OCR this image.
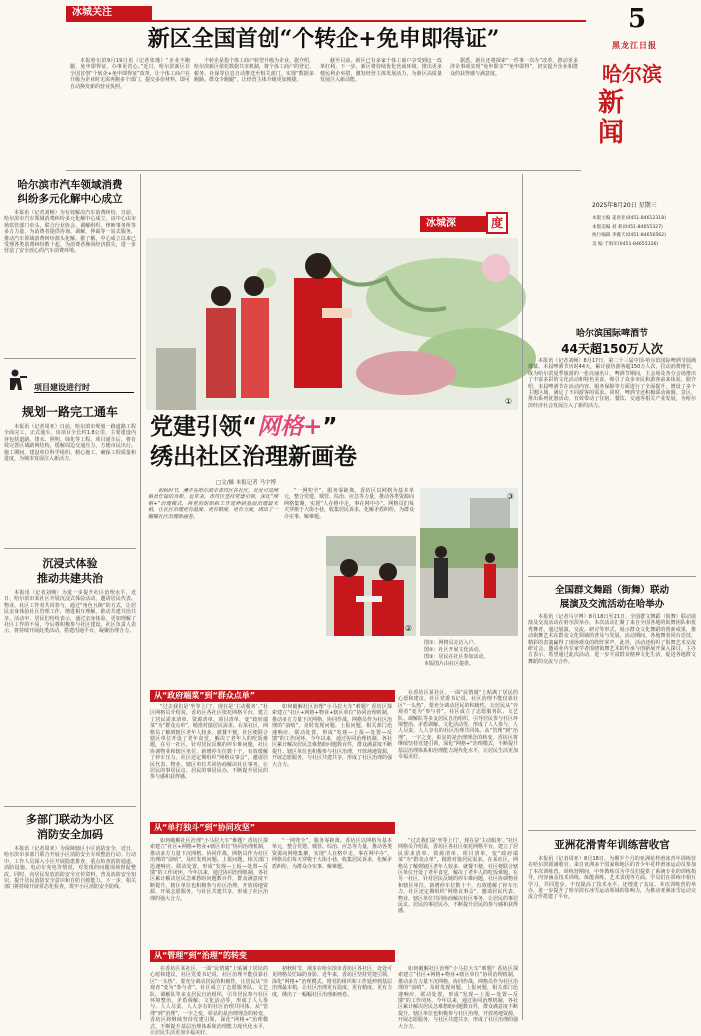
冰城关注
新区全国首创“个转企+免申即得证”

本报哈尔滨9月19日讯（记者张瑾）“企业不跑腿，免申即得证，办事更省心。”近日，哈尔滨新区在全国首创“个转企+免申即得证”改革，让个体工商户在升级为企业时无需再跑多个部门、提交多份材料，即可自动换发新的营业执照。

个转企是指个体工商户转型升级为企业。据介绍，哈尔滨新区依托数据共享机制，将个体工商户的登记、税务、社保等信息自动推送至相关部门，实现“数据多跑路、群众少跑腿”，让经营主体升级更加便捷。

截至目前，新区已有多家个体工商户享受到这一改革红利。下一步，新区将持续优化营商环境，推出更多便民利企举措，激发经营主体发展活力，为新区高质量发展注入新动能。

据悉，新区还将探索“一件事一次办”改革，推动更多涉企事项实现“免申即享”“免申即得”，切实提升企业和群众的获得感与满意度。

5
黑龙江日报
哈尔滨
新闻
2025年8月20日 星期三
本版主编 姜春亚(0451-84612318)
本版美编 刘 莉(0451-84655327)
执行编辑 李冀天(0451-84656562)
美 编 于海军(0451-84655326)
哈尔滨市汽车领域消费
纠纷多元化解中心成立

本报讯（记者刘畅）为有效解决汽车消费纠纷，日前，哈尔滨市汽车领域消费纠纷多元化解中心成立。该中心由市场监管部门牵头，联合行业协会、调解组织、律师事务所等多方力量，为消费者提供咨询、调解、仲裁等一站式服务，推动汽车领域消费纠纷源头化解。据了解，中心成立以来已受理各类消费纠纷数十起，为消费者挽回经济损失，进一步营造了安全放心的汽车消费环境。

项目建设进行时
规划一路完工通车

本报讯（记者周亚）日前，哈尔滨市规划一路道路工程全面完工，正式通车。该项目全长约1.8公里，主要建设内容包括道路、排水、照明、绿化等工程。项目通车后，将有效完善区域路网结构，缓解周边交通压力，方便市民出行。施工期间，建设单位科学组织、精心施工，确保工程质量和进度，为城市发展注入新活力。

沉浸式体验
推动共建共治

本报讯（记者刘畅）为进一步提升社区治理水平，近日，哈尔滨市某社区开展沉浸式体验活动，邀请居民代表、物业、社区工作者共同参与，通过“角色互换”的方式，让居民亲身体验社区管理工作，增进相互理解，推动共建共治共享。活动中，居民们纷纷表示，通过亲身体验，更加理解了社区工作的不易，今后将积极参与社区建设。社区负责人表示，将持续开展此类活动，搭建沟通平台，凝聚治理合力。

多部门联动为小区
消防安全加码

本报讯（记者周亚）为保障辖区小区消防安全，近日，哈尔滨市多部门联合开展小区消防安全专项整治行动。行动中，工作人员深入小区开展隐患排查，重点检查消防通道、消防设施、电动车充电等情况，对发现的问题现场督促整改。同时，向居民发放消防安全宣传资料，普及消防安全知识，提升居民消防安全意识和自防自救能力。下一步，相关部门将持续开展常态化检查，筑牢小区消防安全防线。

冰城深	度
①
党建引领“网格+”
绣出社区治理新画卷
□文/摄 本报记者 马宇博

初秋时节，漫步在哈尔滨市香坊区各社区，处处可见网格员忙碌的身影。近年来，香坊区坚持党建引领，深化“网格+”治理模式，将党的组织和工作延伸到基层治理最末梢，让社区治理更有温度、更有精度、更有力度，绣出了一幅幅社区治理新画卷。

“一网兜全”，服务零距离。香坊区以网格为基本单元，整合党建、城管、综治、应急等力量，推动各类资源向网格集聚，实现“人在格中走、事在网中办”。网格员们每天穿梭于大街小巷，收集居民诉求，化解矛盾纠纷，为群众办实事、解难题。

②
③
图①：网格员走访入户。
图②：社区开展文化活动。
图③：居民在社区参加活动。
本版图片由社区提供。
从“政府端菜”到“群众点单”

“过去我们是‘坐等上门’，现在是‘主动服务’。”社区网格员介绍说，香坊区各社区依托网格平台，建立了居民需求清单、资源清单、项目清单，变“政府端菜”为“群众点单”，精准对接居民需求。在某社区，网格员了解到辖区老年人较多、就餐不便，社区便联合辖区单位开设了老年食堂，解决了老年人的吃饭难题。在另一社区，针对居民反映的停车难问题，社区协调物业和辖区单位，新增停车位数十个，有效缓解了停车压力。社区还定期组织“网格议事会”，邀请居民代表、物业、辖区单位共同协商解决社区事务，让居民的事居民议、居民的事居民办，不断提升居民的参与感和获得感。

如何破解社区治理“小马拉大车”难题？香坊区探索建立“社区+网格+物业+辖区单位”协同治理机制，推动多方力量下沉网格、协同作战。网格员作为社区治理的“前哨”，及时发现问题、上报问题，相关部门迅速响应、联动处置，形成“发现—上报—处置—反馈”的工作闭环。今年以来，通过协同治理机制，各社区累计解决居民急难愁盼问题数百件，群众满意度不断提升。辖区单位也积极参与社区治理，开放场地资源，开展志愿服务，与社区共建共享，形成了社区治理的强大合力。

在香坊区某社区，一面“民情墙”上贴满了居民的心愿和建议。社区党委书记说，社区治理不能仅靠社区“一头热”，要充分调动居民的积极性，让居民从“旁观者”变为“参与者”。社区成立了志愿服务队、文艺队、调解队等多支居民自治组织，引导居民参与社区环境整治、矛盾调解、文化活动等，形成了人人参与、人人尽责、人人享有的社区治理共同体。从“管理”到“治理”，一字之变，彰显的是治理理念的转变。香坊区将继续坚持党建引领，深化“网格+”治理模式，不断提升基层治理体系和治理能力现代化水平，让居民生活更加幸福美好。

从“单打独斗”到“协同攻坚”

如何破解社区治理“小马拉大车”难题？香坊区探索建立“社区+网格+物业+辖区单位”协同治理机制，推动多方力量下沉网格、协同作战。网格员作为社区治理的“前哨”，及时发现问题、上报问题，相关部门迅速响应、联动处置，形成“发现—上报—处置—反馈”的工作闭环。今年以来，通过协同治理机制，各社区累计解决居民急难愁盼问题数百件，群众满意度不断提升。辖区单位也积极参与社区治理，开放场地资源，开展志愿服务，与社区共建共享，形成了社区治理的强大合力。

“一网兜全”，服务零距离。香坊区以网格为基本单元，整合党建、城管、综治、应急等力量，推动各类资源向网格集聚，实现“人在格中走、事在网中办”。网格员们每天穿梭于大街小巷，收集居民诉求，化解矛盾纠纷，为群众办实事、解难题。

“过去我们是‘坐等上门’，现在是‘主动服务’。”社区网格员介绍说，香坊区各社区依托网格平台，建立了居民需求清单、资源清单、项目清单，变“政府端菜”为“群众点单”，精准对接居民需求。在某社区，网格员了解到辖区老年人较多、就餐不便，社区便联合辖区单位开设了老年食堂，解决了老年人的吃饭难题。在另一社区，针对居民反映的停车难问题，社区协调物业和辖区单位，新增停车位数十个，有效缓解了停车压力。社区还定期组织“网格议事会”，邀请居民代表、物业、辖区单位共同协商解决社区事务，让居民的事居民议、居民的事居民办，不断提升居民的参与感和获得感。

从“管理”到“治理”的转变

在香坊区某社区，一面“民情墙”上贴满了居民的心愿和建议。社区党委书记说，社区治理不能仅靠社区“一头热”，要充分调动居民的积极性，让居民从“旁观者”变为“参与者”。社区成立了志愿服务队、文艺队、调解队等多支居民自治组织，引导居民参与社区环境整治、矛盾调解、文化活动等，形成了人人参与、人人尽责、人人享有的社区治理共同体。从“管理”到“治理”，一字之变，彰显的是治理理念的转变。香坊区将继续坚持党建引领，深化“网格+”治理模式，不断提升基层治理体系和治理能力现代化水平，让居民生活更加幸福美好。

初秋时节，漫步在哈尔滨市香坊区各社区，处处可见网格员忙碌的身影。近年来，香坊区坚持党建引领，深化“网格+”治理模式，将党的组织和工作延伸到基层治理最末梢，让社区治理更有温度、更有精度、更有力度，绣出了一幅幅社区治理新画卷。

如何破解社区治理“小马拉大车”难题？香坊区探索建立“社区+网格+物业+辖区单位”协同治理机制，推动多方力量下沉网格、协同作战。网格员作为社区治理的“前哨”，及时发现问题、上报问题，相关部门迅速响应、联动处置，形成“发现—上报—处置—反馈”的工作闭环。今年以来，通过协同治理机制，各社区累计解决居民急难愁盼问题数百件，群众满意度不断提升。辖区单位也积极参与社区治理，开放场地资源，开展志愿服务，与社区共建共享，形成了社区治理的强大合力。

哈尔滨国际啤酒节
44天超150万人次

本报讯（记者刘畅）8月17日，第二十三届中国·哈尔滨国际啤酒节圆满落幕。本届啤酒节历时44天，累计接待游客超150万人次，拉动消费增长，成为哈尔滨夏季旅游的一张亮丽名片。啤酒节期间，主会场及各分会场推出了丰富多彩的文化活动和特色美食，吸引了众多市民和游客前来体验。据介绍，本届啤酒节在活动内容、服务保障等方面进行了全面提升，增设了多个主题区域，满足了不同游客的需求。同时，啤酒节还积极联动商圈、景区，推出系列优惠活动，有效带动了住宿、餐饮、交通等相关产业发展，为哈尔滨经济社会发展注入了新的活力。

全国群文舞蹈（街舞）联动
展演及交流活动在哈举办

本报讯（记者马宇博）8月18日至21日，全国群文舞蹈（街舞）联动展演及交流活动在哈尔滨举办。本次活动汇聚了来自全国各地的街舞团队和优秀舞者，通过展演、交流、研讨等形式，展示群众文化舞蹈的创新成果，推动街舞艺术在群众文化领域的普及与发展。活动期间，各地舞者同台竞技，精彩的表演赢得了现场观众的阵阵掌声。此外，活动还组织了街舞艺术交流研讨会，邀请业内专家学者围绕街舞艺术的传承与创新展开深入探讨。主办方表示，希望通过此次活动，进一步丰富群众精神文化生活，促进各地群文舞蹈的交流与合作。

亚洲花滑青年训练营收官

本报讯（记者周亚）8月18日，为期半个月的亚洲花样滑冰青年训练营在哈尔滨圆满收官。来自亚洲多个国家和地区的青少年花样滑冰运动员参加了本次训练营。训练营期间，中外教练员为学员们提供了系统专业的训练指导，内容涵盖技术训练、体能训练、艺术表现等方面。学员们在训练中相互学习、共同进步，不仅提高了技术水平，还增进了友谊。本次训练营的举办，进一步提升了哈尔滨在冰雪运动领域的影响力，为推动亚洲冰雪运动交流合作搭建了平台。
